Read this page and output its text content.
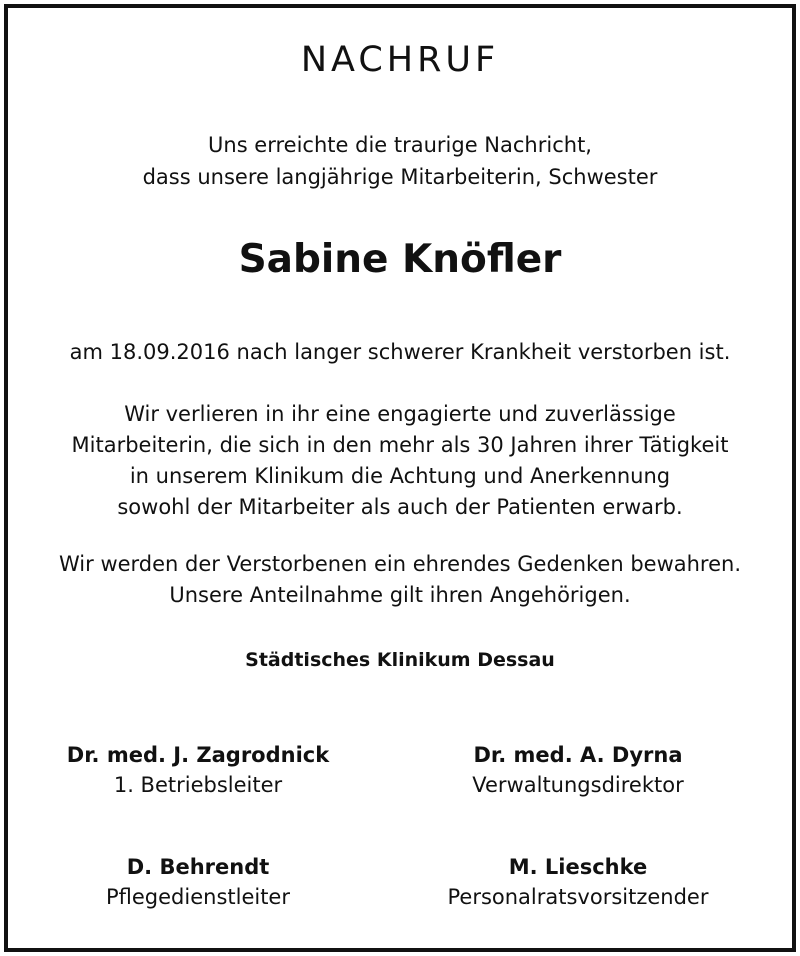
NACHRUF
Uns erreichte die traurige Nachricht,
dass unsere langjährige Mitarbeiterin, Schwester
Sabine Knöfler
am 18.09.2016 nach langer schwerer Krankheit verstorben ist.
Wir verlieren in ihr eine engagierte und zuverlässige
Mitarbeiterin, die sich in den mehr als 30 Jahren ihrer Tätigkeit
in unserem Klinikum die Achtung und Anerkennung
sowohl der Mitarbeiter als auch der Patienten erwarb.
Wir werden der Verstorbenen ein ehrendes Gedenken bewahren.
Unsere Anteilnahme gilt ihren Angehörigen.
Städtisches Klinikum Dessau
Dr. med. J. Zagrodnick
1. Betriebsleiter
Dr. med. A. Dyrna
Verwaltungsdirektor
D. Behrendt
Pflegedienstleiter
M. Lieschke
Personalratsvorsitzender
